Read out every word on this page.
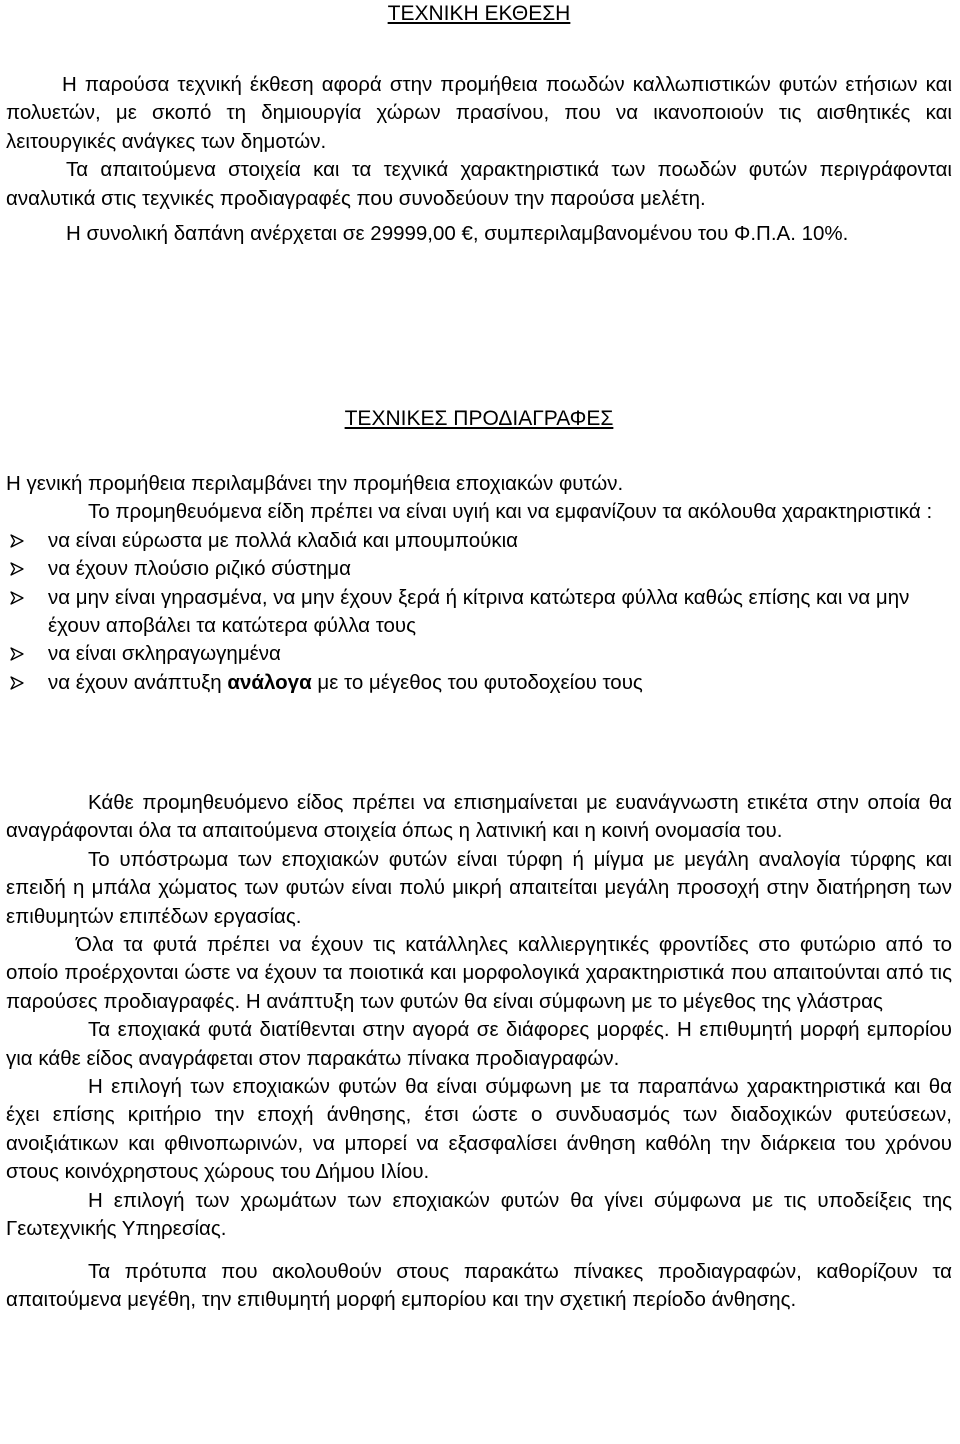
ΤΕΧΝΙΚΗ ΕΚΘΕΣΗ

Η παρούσα τεχνική έκθεση αφορά στην προμήθεια ποωδών καλλωπιστικών φυτών ετήσιων και πολυετών, με σκοπό τη δημιουργία χώρων πρασίνου, που να ικανοποιούν τις αισθητικές και λειτουργικές ανάγκες των δημοτών.

Τα απαιτούμενα στοιχεία και τα τεχνικά χαρακτηριστικά των ποωδών φυτών περιγράφονται αναλυτικά στις τεχνικές προδιαγραφές που συνοδεύουν την παρούσα μελέτη.

Η συνολική δαπάνη ανέρχεται σε 29999,00 €, συμπεριλαμβανομένου του Φ.Π.Α. 10%.

ΤΕΧΝΙΚΕΣ ΠΡΟΔΙΑΓΡΑΦΕΣ

Η γενική προμήθεια περιλαμβάνει την προμήθεια εποχιακών φυτών.

Το προμηθευόμενα είδη πρέπει να είναι υγιή και να εμφανίζουν τα ακόλουθα χαρακτηριστικά :

να είναι εύρωστα με πολλά κλαδιά και μπουμπούκια
να έχουν πλούσιο ριζικό σύστημα
να μην είναι γηρασμένα, να μην έχουν ξερά ή κίτρινα κατώτερα φύλλα καθώς επίσης και να μην έχουν αποβάλει τα κατώτερα φύλλα τους
να είναι σκληραγωγημένα
να έχουν ανάπτυξη ανάλογα με το μέγεθος του φυτοδοχείου τους

Κάθε προμηθευόμενο είδος πρέπει να επισημαίνεται με ευανάγνωστη ετικέτα στην οποία θα αναγράφονται όλα τα απαιτούμενα στοιχεία όπως η λατινική και η κοινή ονομασία του.

Το υπόστρωμα των εποχιακών φυτών είναι τύρφη ή μίγμα με μεγάλη αναλογία τύρφης και επειδή η μπάλα χώματος των φυτών είναι πολύ μικρή απαιτείται μεγάλη προσοχή στην διατήρηση των επιθυμητών επιπέδων εργασίας.

Όλα τα φυτά πρέπει να έχουν τις κατάλληλες καλλιεργητικές φροντίδες στο φυτώριο από το οποίο προέρχονται ώστε να έχουν τα ποιοτικά και μορφολογικά χαρακτηριστικά που απαιτούνται από τις παρούσες προδιαγραφές. Η ανάπτυξη των φυτών θα είναι σύμφωνη με το μέγεθος της γλάστρας

Τα εποχιακά φυτά διατίθενται στην αγορά σε διάφορες μορφές. Η επιθυμητή μορφή εμπορίου για κάθε είδος αναγράφεται στον παρακάτω πίνακα προδιαγραφών.

Η επιλογή των εποχιακών φυτών θα είναι σύμφωνη με τα παραπάνω χαρακτηριστικά και θα έχει επίσης κριτήριο την εποχή άνθησης, έτσι ώστε ο συνδυασμός των διαδοχικών φυτεύσεων, ανοιξιάτικων και φθινοπωρινών, να μπορεί να εξασφαλίσει άνθηση καθόλη την διάρκεια του χρόνου στους κοινόχρηστους χώρους του Δήμου Ιλίου.

Η επιλογή των χρωμάτων των εποχιακών φυτών θα γίνει σύμφωνα με τις υποδείξεις της Γεωτεχνικής Υπηρεσίας.

Τα πρότυπα που ακολουθούν στους παρακάτω πίνακες προδιαγραφών, καθορίζουν τα απαιτούμενα μεγέθη, την επιθυμητή μορφή εμπορίου και την σχετική περίοδο άνθησης.
